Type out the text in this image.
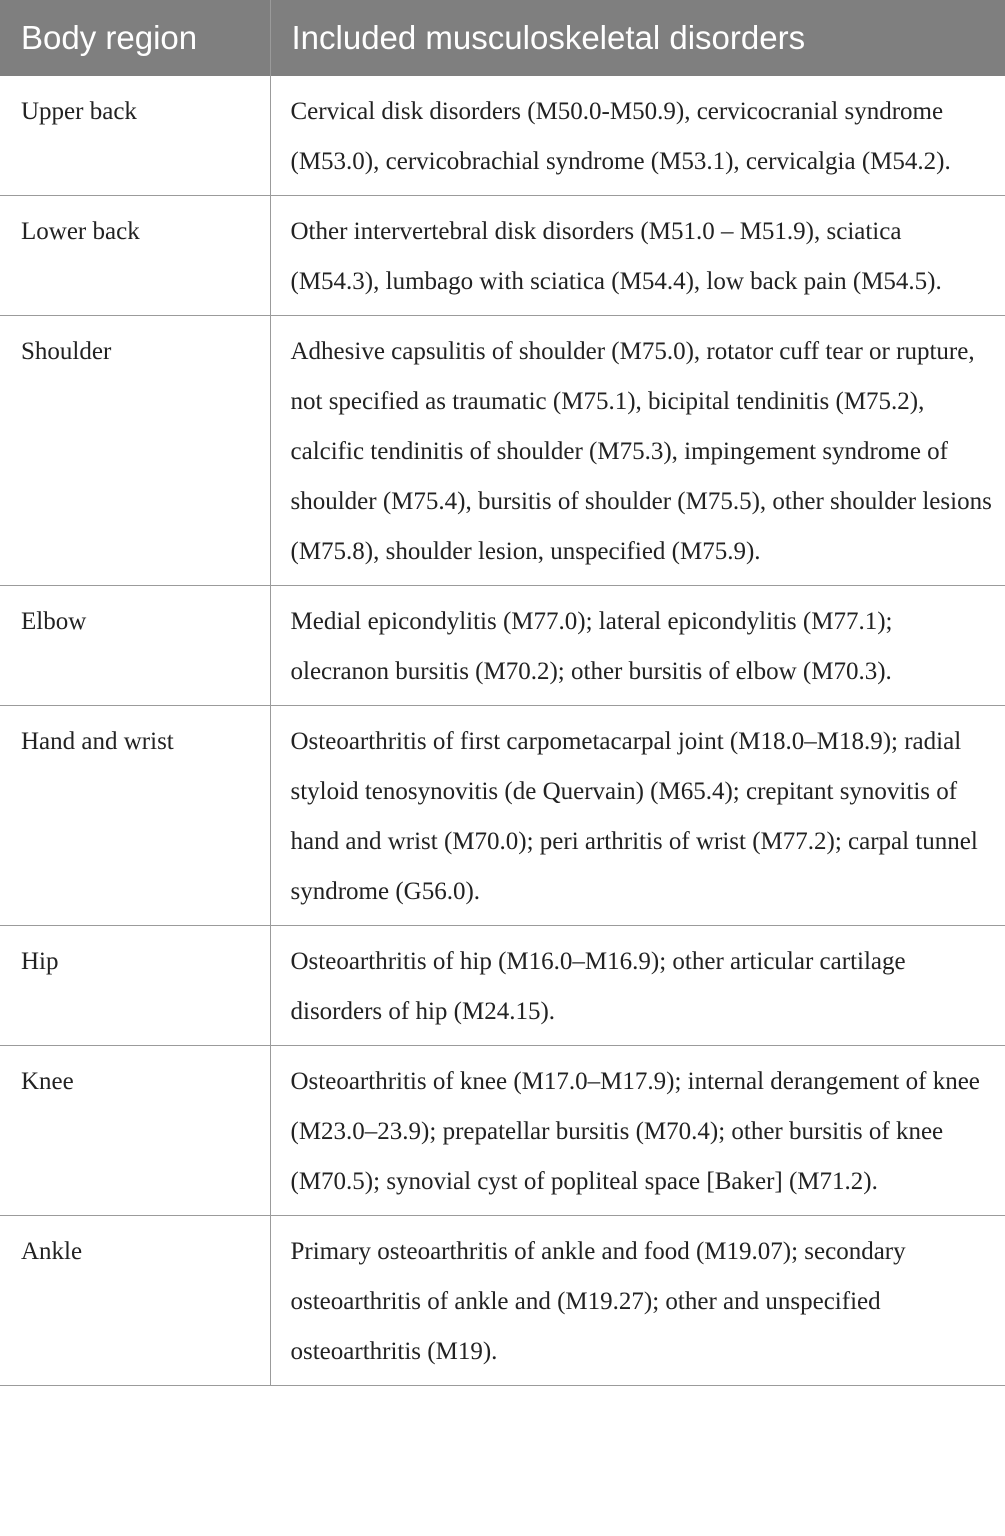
Body region	Included musculoskeletal disorders
Upper back	Cervical disk disorders (M50.0-M50.9), cervicocranial syndrome (M53.0), cervicobrachial syndrome (M53.1), cervicalgia (M54.2).
Lower back	Other intervertebral disk disorders (M51.0 – M51.9), sciatica (M54.3), lumbago with sciatica (M54.4), low back pain (M54.5).
Shoulder	Adhesive capsulitis of shoulder (M75.0), rotator cuff tear or rupture, not specified as traumatic (M75.1), bicipital tendinitis (M75.2), calcific tendinitis of shoulder (M75.3), impingement syndrome of shoulder (M75.4), bursitis of shoulder (M75.5), other shoulder lesions (M75.8), shoulder lesion, unspecified (M75.9).
Elbow	Medial epicondylitis (M77.0); lateral epicondylitis (M77.1); olecranon bursitis (M70.2); other bursitis of elbow (M70.3).
Hand and wrist	Osteoarthritis of first carpometacarpal joint (M18.0–M18.9); radial styloid tenosynovitis (de Quervain) (M65.4); crepitant synovitis of hand and wrist (M70.0); peri arthritis of wrist (M77.2); carpal tunnel syndrome (G56.0).
Hip	Osteoarthritis of hip (M16.0–M16.9); other articular cartilage disorders of hip (M24.15).
Knee	Osteoarthritis of knee (M17.0–M17.9); internal derangement of knee (M23.0–23.9); prepatellar bursitis (M70.4); other bursitis of knee (M70.5); synovial cyst of popliteal space [Baker] (M71.2).
Ankle	Primary osteoarthritis of ankle and food (M19.07); secondary osteoarthritis of ankle and (M19.27); other and unspecified osteoarthritis (M19).
